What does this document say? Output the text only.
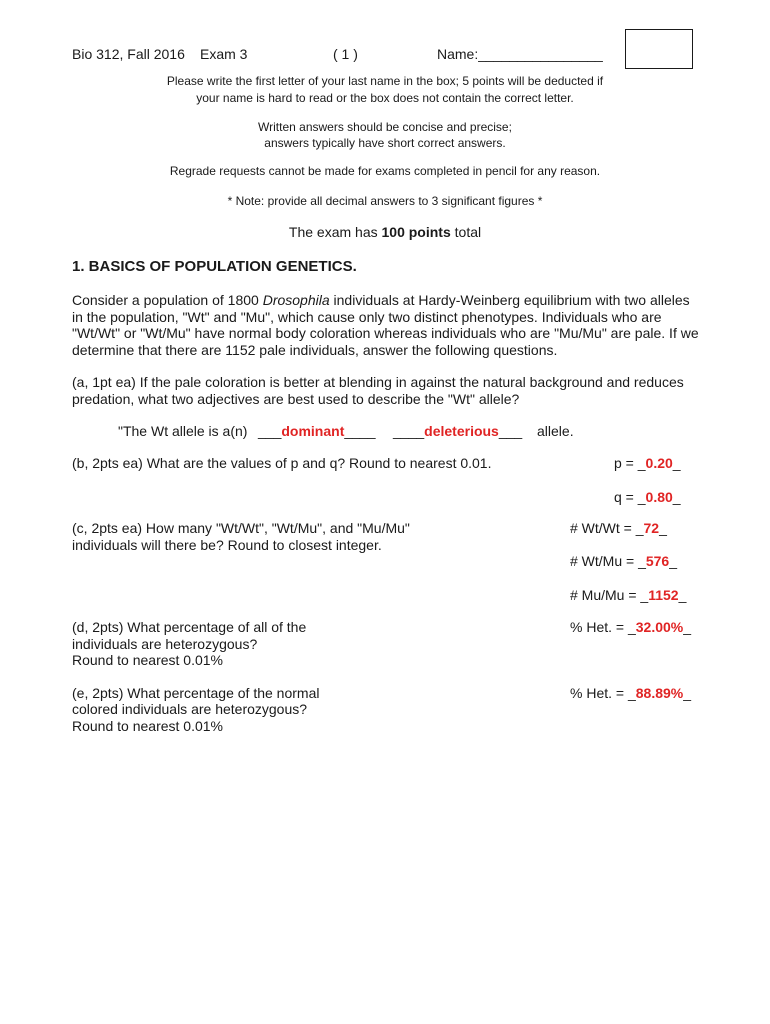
Bio 312, Fall 2016 Exam 3	( 1 )	Name:________________
Please write the first letter of your last name in the box; 5 points will be deducted if
your name is hard to read or the box does not contain the correct letter.
Written answers should be concise and precise;
answers typically have short correct answers.
Regrade requests cannot be made for exams completed in pencil for any reason.
* Note: provide all decimal answers to 3 significant figures *
The exam has 100 points total
1. BASICS OF POPULATION GENETICS.
Consider a population of 1800 Drosophila individuals at Hardy-Weinberg equilibrium with two alleles in the population, "Wt" and "Mu", which cause only two distinct phenotypes. Individuals who are "Wt/Wt" or "Wt/Mu" have normal body coloration whereas individuals who are "Mu/Mu" are pale. If we determine that there are 1152 pale individuals, answer the following questions.
(a, 1pt ea) If the pale coloration is better at blending in against the natural background and reduces predation, what two adjectives are best used to describe the "Wt" allele?
"The Wt allele is a(n) ___dominant____ ____deleterious___ allele.
(b, 2pts ea) What are the values of p and q? Round to nearest 0.01.	p = _0.20_
q = _0.80_
(c, 2pts ea) How many "Wt/Wt", "Wt/Mu", and "Mu/Mu" individuals will there be? Round to closest integer.
# Wt/Wt = _72_
# Wt/Mu = _576_
# Mu/Mu = _1152_
(d, 2pts) What percentage of all of the
individuals are heterozygous?
Round to nearest 0.01%
% Het. = _32.00%_
(e, 2pts) What percentage of the normal
colored individuals are heterozygous?
Round to nearest 0.01%
% Het. = _88.89%_
